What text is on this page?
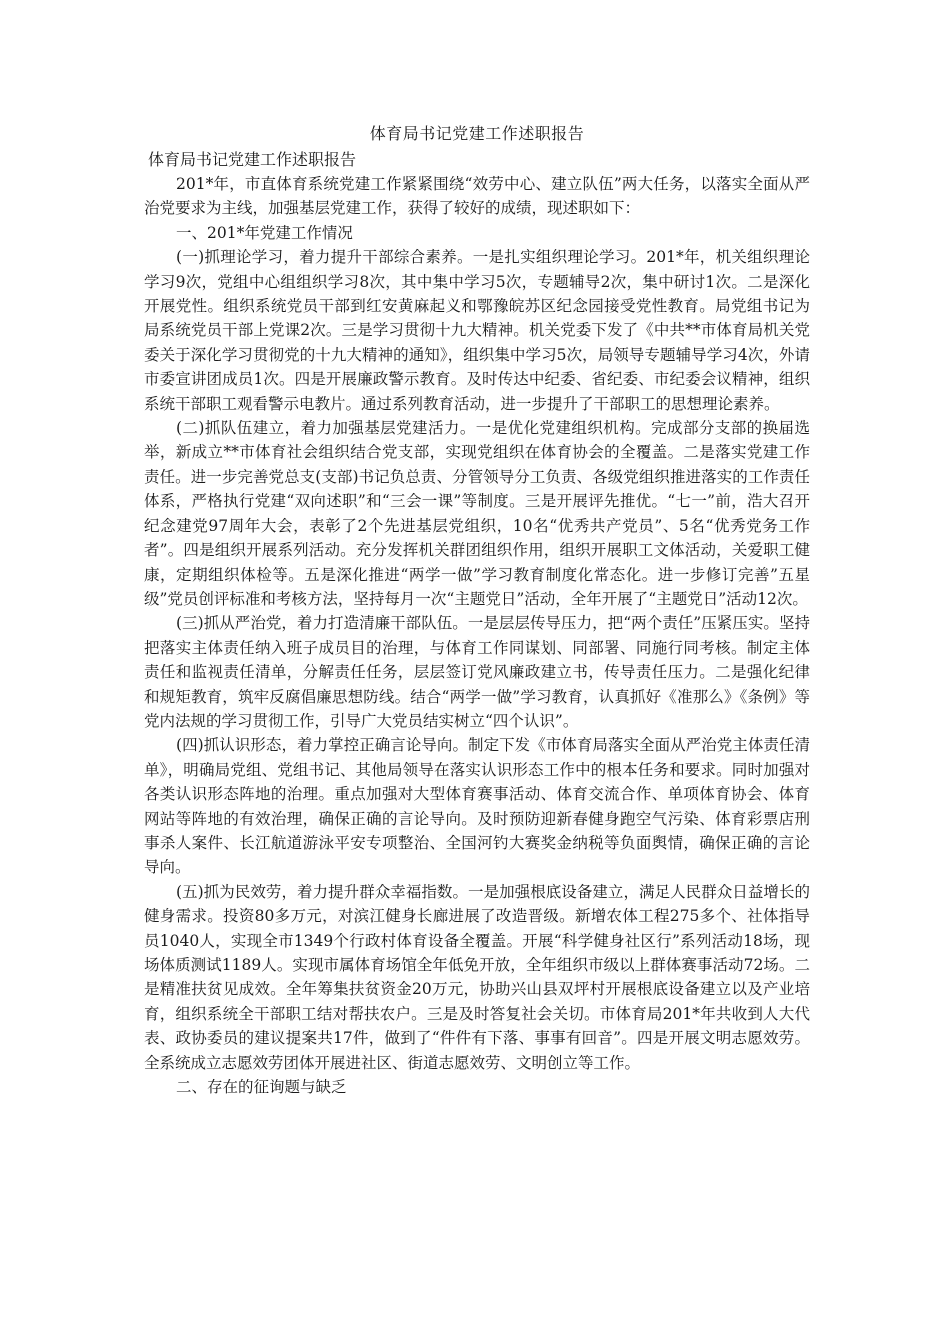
体育局书记党建工作述职报告
体育局书记党建工作述职报告

201*年，市直体育系统党建工作紧紧围绕“效劳中心、建立队伍”两大任务，以落实全面从严治党要求为主线，加强基层党建工作，获得了较好的成绩，现述职如下：

一、201*年党建工作情况

(一)抓理论学习，着力提升干部综合素养。一是扎实组织理论学习。201*年，机关组织理论学习9次，党组中心组组织学习8次，其中集中学习5次，专题辅导2次，集中研讨1次。二是深化开展党性。组织系统党员干部到红安黄麻起义和鄂豫皖苏区纪念园接受党性教育。局党组书记为局系统党员干部上党课2次。三是学习贯彻十九大精神。机关党委下发了《中共**市体育局机关党委关于深化学习贯彻党的十九大精神的通知》，组织集中学习5次，局领导专题辅导学习4次，外请市委宣讲团成员1次。四是开展廉政警示教育。及时传达中纪委、省纪委、市纪委会议精神，组织系统干部职工观看警示电教片。通过系列教育活动，进一步提升了干部职工的思想理论素养。

(二)抓队伍建立，着力加强基层党建活力。一是优化党建组织机构。完成部分支部的换届选举，新成立**市体育社会组织结合党支部，实现党组织在体育协会的全覆盖。二是落实党建工作责任。进一步完善党总支(支部)书记负总责、分管领导分工负责、各级党组织推进落实的工作责任体系，严格执行党建“双向述职”和“三会一课”等制度。三是开展评先推优。“七一”前，浩大召开纪念建党97周年大会，表彰了2个先进基层党组织，10名“优秀共产党员”、5名“优秀党务工作者”。四是组织开展系列活动。充分发挥机关群团组织作用，组织开展职工文体活动，关爱职工健康，定期组织体检等。五是深化推进“两学一做”学习教育制度化常态化。进一步修订完善”五星级”党员创评标准和考核方法，坚持每月一次“主题党日”活动，全年开展了“主题党日”活动12次。

(三)抓从严治党，着力打造清廉干部队伍。一是层层传导压力，把“两个责任”压紧压实。坚持把落实主体责任纳入班子成员目的治理，与体育工作同谋划、同部署、同施行同考核。制定主体责任和监视责任清单，分解责任任务，层层签订党风廉政建立书，传导责任压力。二是强化纪律和规矩教育，筑牢反腐倡廉思想防线。结合“两学一做”学习教育，认真抓好《准那么》《条例》等党内法规的学习贯彻工作，引导广大党员结实树立“四个认识”。

(四)抓认识形态，着力掌控正确言论导向。制定下发《市体育局落实全面从严治党主体责任清单》，明确局党组、党组书记、其他局领导在落实认识形态工作中的根本任务和要求。同时加强对各类认识形态阵地的治理。重点加强对大型体育赛事活动、体育交流合作、单项体育协会、体育网站等阵地的有效治理，确保正确的言论导向。及时预防迎新春健身跑空气污染、体育彩票店刑事杀人案件、长江航道游泳平安专项整治、全国河钓大赛奖金纳税等负面舆情，确保正确的言论导向。

(五)抓为民效劳，着力提升群众幸福指数。一是加强根底设备建立，满足人民群众日益增长的健身需求。投资80多万元，对滨江健身长廊进展了改造晋级。新增农体工程275多个、社体指导员1040人，实现全市1349个行政村体育设备全覆盖。开展“科学健身社区行”系列活动18场，现场体质测试1189人。实现市属体育场馆全年低免开放，全年组织市级以上群体赛事活动72场。二是精准扶贫见成效。全年筹集扶贫资金20万元，协助兴山县双坪村开展根底设备建立以及产业培育，组织系统全干部职工结对帮扶农户。三是及时答复社会关切。市体育局201*年共收到人大代表、政协委员的建议提案共17件，做到了“件件有下落、事事有回音”。四是开展文明志愿效劳。全系统成立志愿效劳团体开展进社区、街道志愿效劳、文明创立等工作。

二、存在的征询题与缺乏
